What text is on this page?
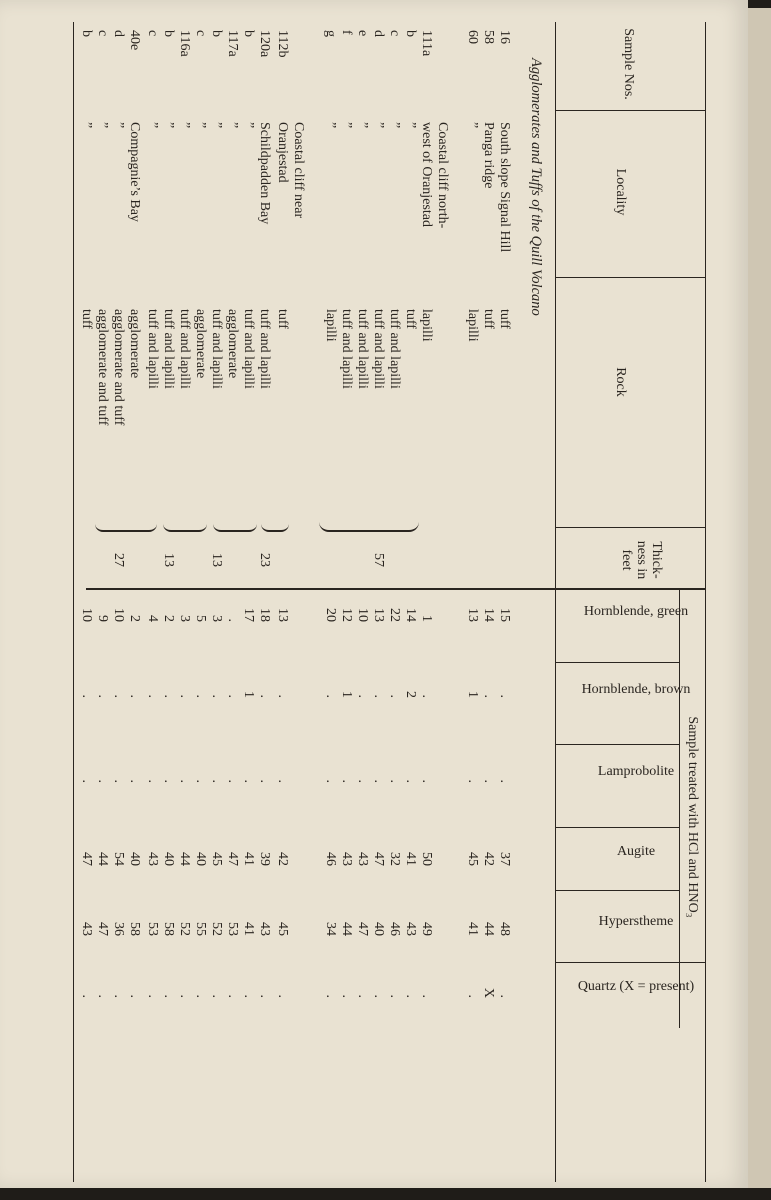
Sample treated with HCl and HNO₃
Sample Nos.
Locality
Rock
Thick- ness in feet
Hornblende, green
Hornblende, brown
Lamprobolite
Augite
Hyperstheme
Quartz (X = present)
Agglomerates and Tuffs of the Quill Volcano
16
South slope Signal Hill
tuff
15
.
.
37
48
.
58
Panga ridge
tuff
14
.
.
42
44
X
60
”
lapilli
13
1
.
45
41
.
Coastal cliff north-
111a
west of Oranjestad
lapilli
1
.
.
50
49
.
b
”
tuff
14
2
.
41
43
.
c
”
tuff and lapilli
22
.
.
32
46
.
d
”
tuff and lapilli
57
13
.
.
47
40
.
e
”
tuff and lapilli
10
.
.
43
47
.
f
”
tuff and lapilli
12
1
.
43
44
.
g
”
lapilli
20
.
.
46
34
.
Coastal cliff near
112b
Oranjestad
tuff
13
.
.
42
45
.
120a
Schildpadden Bay
tuff and lapilli
23
18
.
.
39
43
.
b
”
tuff and lapilli
17
1
.
41
41
.
117a
”
agglomerate
.
.
.
47
53
.
b
”
tuff and lapilli
13
3
.
.
45
52
.
c
”
agglomerate
5
.
.
40
55
.
116a
”
tuff and lapilli
3
.
.
44
52
.
b
”
tuff and lapilli
13
2
.
.
40
58
.
c
”
tuff and lapilli
4
.
.
43
53
.
40e
Compagnie’s Bay
agglomerate
2
.
.
40
58
.
d
”
agglomerate and tuff
27
10
.
.
54
36
.
c
”
agglomerate and tuff
9
.
.
44
47
.
b
”
tuff
10
.
.
47
43
.
